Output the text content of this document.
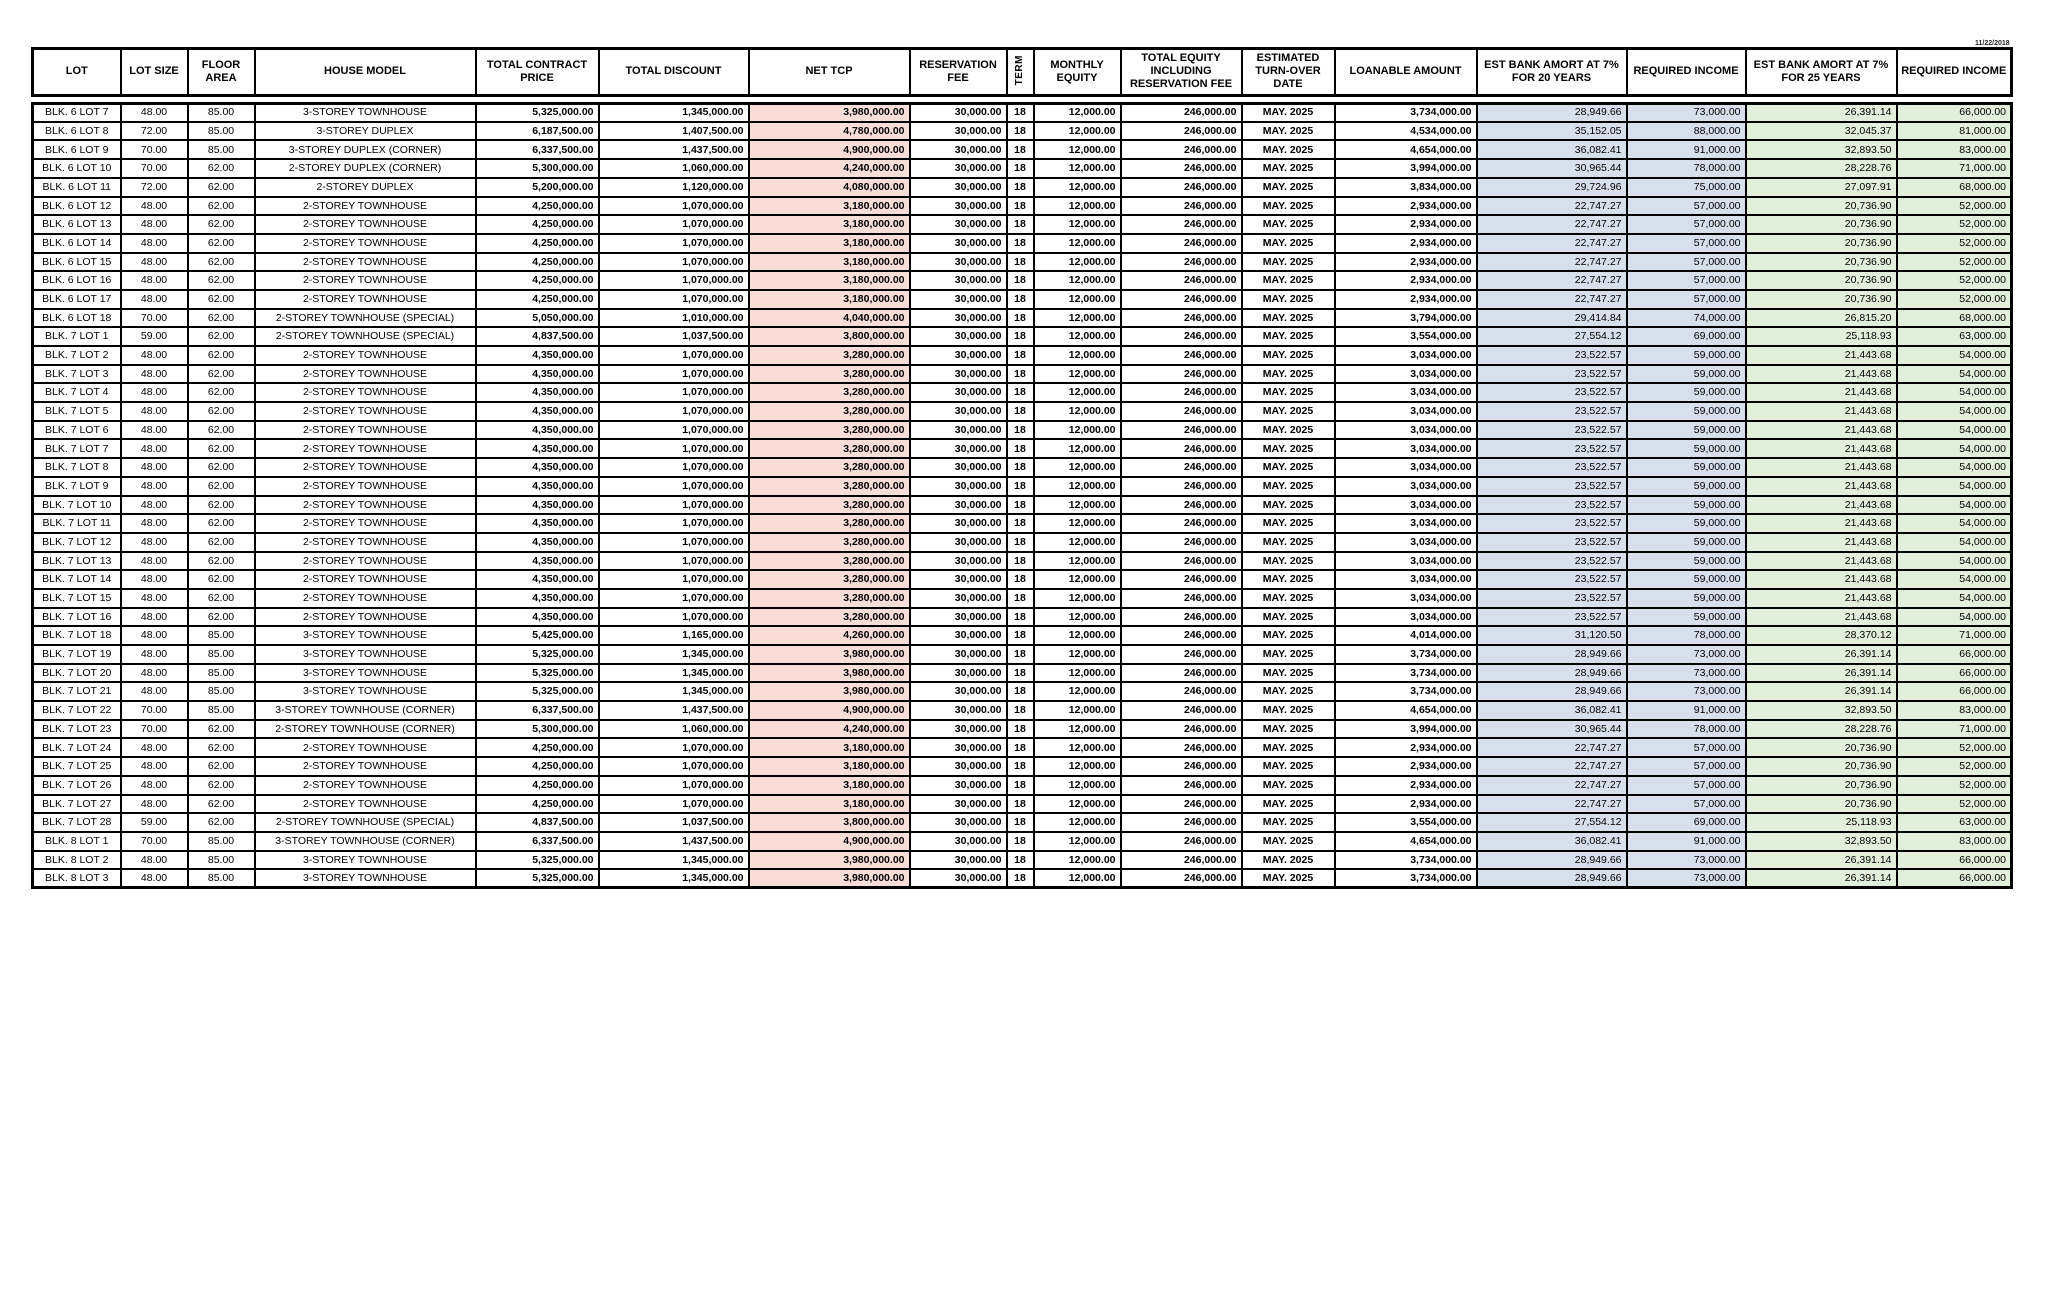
11/22/2018
LOT	LOT SIZE	FLOOR AREA	HOUSE MODEL	TOTAL CONTRACT PRICE	TOTAL DISCOUNT	NET TCP	RESERVATION FEE	TERM	MONTHLY EQUITY	TOTAL EQUITY INCLUDING RESERVATION FEE	ESTIMATED TURN-OVER DATE	LOANABLE AMOUNT	EST BANK AMORT AT 7% FOR 20 YEARS	REQUIRED INCOME	EST BANK AMORT AT 7% FOR 25 YEARS	REQUIRED INCOME
BLK. 6 LOT 7	48.00	85.00	3-STOREY TOWNHOUSE	5,325,000.00	1,345,000.00	3,980,000.00	30,000.00	18	12,000.00	246,000.00	MAY. 2025	3,734,000.00	28,949.66	73,000.00	26,391.14	66,000.00
BLK. 6 LOT 8	72.00	85.00	3-STOREY DUPLEX	6,187,500.00	1,407,500.00	4,780,000.00	30,000.00	18	12,000.00	246,000.00	MAY. 2025	4,534,000.00	35,152.05	88,000.00	32,045.37	81,000.00
BLK. 6 LOT 9	70.00	85.00	3-STOREY DUPLEX (CORNER)	6,337,500.00	1,437,500.00	4,900,000.00	30,000.00	18	12,000.00	246,000.00	MAY. 2025	4,654,000.00	36,082.41	91,000.00	32,893.50	83,000.00
BLK. 6 LOT 10	70.00	62.00	2-STOREY DUPLEX (CORNER)	5,300,000.00	1,060,000.00	4,240,000.00	30,000.00	18	12,000.00	246,000.00	MAY. 2025	3,994,000.00	30,965.44	78,000.00	28,228.76	71,000.00
BLK. 6 LOT 11	72.00	62.00	2-STOREY DUPLEX	5,200,000.00	1,120,000.00	4,080,000.00	30,000.00	18	12,000.00	246,000.00	MAY. 2025	3,834,000.00	29,724.96	75,000.00	27,097.91	68,000.00
BLK. 6 LOT 12	48.00	62.00	2-STOREY TOWNHOUSE	4,250,000.00	1,070,000.00	3,180,000.00	30,000.00	18	12,000.00	246,000.00	MAY. 2025	2,934,000.00	22,747.27	57,000.00	20,736.90	52,000.00
BLK. 6 LOT 13	48.00	62.00	2-STOREY TOWNHOUSE	4,250,000.00	1,070,000.00	3,180,000.00	30,000.00	18	12,000.00	246,000.00	MAY. 2025	2,934,000.00	22,747.27	57,000.00	20,736.90	52,000.00
BLK. 6 LOT 14	48.00	62.00	2-STOREY TOWNHOUSE	4,250,000.00	1,070,000.00	3,180,000.00	30,000.00	18	12,000.00	246,000.00	MAY. 2025	2,934,000.00	22,747.27	57,000.00	20,736.90	52,000.00
BLK. 6 LOT 15	48.00	62.00	2-STOREY TOWNHOUSE	4,250,000.00	1,070,000.00	3,180,000.00	30,000.00	18	12,000.00	246,000.00	MAY. 2025	2,934,000.00	22,747.27	57,000.00	20,736.90	52,000.00
BLK. 6 LOT 16	48.00	62.00	2-STOREY TOWNHOUSE	4,250,000.00	1,070,000.00	3,180,000.00	30,000.00	18	12,000.00	246,000.00	MAY. 2025	2,934,000.00	22,747.27	57,000.00	20,736.90	52,000.00
BLK. 6 LOT 17	48.00	62.00	2-STOREY TOWNHOUSE	4,250,000.00	1,070,000.00	3,180,000.00	30,000.00	18	12,000.00	246,000.00	MAY. 2025	2,934,000.00	22,747.27	57,000.00	20,736.90	52,000.00
BLK. 6 LOT 18	70.00	62.00	2-STOREY TOWNHOUSE (SPECIAL)	5,050,000.00	1,010,000.00	4,040,000.00	30,000.00	18	12,000.00	246,000.00	MAY. 2025	3,794,000.00	29,414.84	74,000.00	26,815.20	68,000.00
BLK. 7 LOT 1	59.00	62.00	2-STOREY TOWNHOUSE (SPECIAL)	4,837,500.00	1,037,500.00	3,800,000.00	30,000.00	18	12,000.00	246,000.00	MAY. 2025	3,554,000.00	27,554.12	69,000.00	25,118.93	63,000.00
BLK. 7 LOT 2	48.00	62.00	2-STOREY TOWNHOUSE	4,350,000.00	1,070,000.00	3,280,000.00	30,000.00	18	12,000.00	246,000.00	MAY. 2025	3,034,000.00	23,522.57	59,000.00	21,443.68	54,000.00
BLK. 7 LOT 3	48.00	62.00	2-STOREY TOWNHOUSE	4,350,000.00	1,070,000.00	3,280,000.00	30,000.00	18	12,000.00	246,000.00	MAY. 2025	3,034,000.00	23,522.57	59,000.00	21,443.68	54,000.00
BLK. 7 LOT 4	48.00	62.00	2-STOREY TOWNHOUSE	4,350,000.00	1,070,000.00	3,280,000.00	30,000.00	18	12,000.00	246,000.00	MAY. 2025	3,034,000.00	23,522.57	59,000.00	21,443.68	54,000.00
BLK. 7 LOT 5	48.00	62.00	2-STOREY TOWNHOUSE	4,350,000.00	1,070,000.00	3,280,000.00	30,000.00	18	12,000.00	246,000.00	MAY. 2025	3,034,000.00	23,522.57	59,000.00	21,443.68	54,000.00
BLK. 7 LOT 6	48.00	62.00	2-STOREY TOWNHOUSE	4,350,000.00	1,070,000.00	3,280,000.00	30,000.00	18	12,000.00	246,000.00	MAY. 2025	3,034,000.00	23,522.57	59,000.00	21,443.68	54,000.00
BLK. 7 LOT 7	48.00	62.00	2-STOREY TOWNHOUSE	4,350,000.00	1,070,000.00	3,280,000.00	30,000.00	18	12,000.00	246,000.00	MAY. 2025	3,034,000.00	23,522.57	59,000.00	21,443.68	54,000.00
BLK. 7 LOT 8	48.00	62.00	2-STOREY TOWNHOUSE	4,350,000.00	1,070,000.00	3,280,000.00	30,000.00	18	12,000.00	246,000.00	MAY. 2025	3,034,000.00	23,522.57	59,000.00	21,443.68	54,000.00
BLK. 7 LOT 9	48.00	62.00	2-STOREY TOWNHOUSE	4,350,000.00	1,070,000.00	3,280,000.00	30,000.00	18	12,000.00	246,000.00	MAY. 2025	3,034,000.00	23,522.57	59,000.00	21,443.68	54,000.00
BLK. 7 LOT 10	48.00	62.00	2-STOREY TOWNHOUSE	4,350,000.00	1,070,000.00	3,280,000.00	30,000.00	18	12,000.00	246,000.00	MAY. 2025	3,034,000.00	23,522.57	59,000.00	21,443.68	54,000.00
BLK. 7 LOT 11	48.00	62.00	2-STOREY TOWNHOUSE	4,350,000.00	1,070,000.00	3,280,000.00	30,000.00	18	12,000.00	246,000.00	MAY. 2025	3,034,000.00	23,522.57	59,000.00	21,443.68	54,000.00
BLK. 7 LOT 12	48.00	62.00	2-STOREY TOWNHOUSE	4,350,000.00	1,070,000.00	3,280,000.00	30,000.00	18	12,000.00	246,000.00	MAY. 2025	3,034,000.00	23,522.57	59,000.00	21,443.68	54,000.00
BLK. 7 LOT 13	48.00	62.00	2-STOREY TOWNHOUSE	4,350,000.00	1,070,000.00	3,280,000.00	30,000.00	18	12,000.00	246,000.00	MAY. 2025	3,034,000.00	23,522.57	59,000.00	21,443.68	54,000.00
BLK. 7 LOT 14	48.00	62.00	2-STOREY TOWNHOUSE	4,350,000.00	1,070,000.00	3,280,000.00	30,000.00	18	12,000.00	246,000.00	MAY. 2025	3,034,000.00	23,522.57	59,000.00	21,443.68	54,000.00
BLK. 7 LOT 15	48.00	62.00	2-STOREY TOWNHOUSE	4,350,000.00	1,070,000.00	3,280,000.00	30,000.00	18	12,000.00	246,000.00	MAY. 2025	3,034,000.00	23,522.57	59,000.00	21,443.68	54,000.00
BLK. 7 LOT 16	48.00	62.00	2-STOREY TOWNHOUSE	4,350,000.00	1,070,000.00	3,280,000.00	30,000.00	18	12,000.00	246,000.00	MAY. 2025	3,034,000.00	23,522.57	59,000.00	21,443.68	54,000.00
BLK. 7 LOT 18	48.00	85.00	3-STOREY TOWNHOUSE	5,425,000.00	1,165,000.00	4,260,000.00	30,000.00	18	12,000.00	246,000.00	MAY. 2025	4,014,000.00	31,120.50	78,000.00	28,370.12	71,000.00
BLK. 7 LOT 19	48.00	85.00	3-STOREY TOWNHOUSE	5,325,000.00	1,345,000.00	3,980,000.00	30,000.00	18	12,000.00	246,000.00	MAY. 2025	3,734,000.00	28,949.66	73,000.00	26,391.14	66,000.00
BLK. 7 LOT 20	48.00	85.00	3-STOREY TOWNHOUSE	5,325,000.00	1,345,000.00	3,980,000.00	30,000.00	18	12,000.00	246,000.00	MAY. 2025	3,734,000.00	28,949.66	73,000.00	26,391.14	66,000.00
BLK. 7 LOT 21	48.00	85.00	3-STOREY TOWNHOUSE	5,325,000.00	1,345,000.00	3,980,000.00	30,000.00	18	12,000.00	246,000.00	MAY. 2025	3,734,000.00	28,949.66	73,000.00	26,391.14	66,000.00
BLK. 7 LOT 22	70.00	85.00	3-STOREY TOWNHOUSE (CORNER)	6,337,500.00	1,437,500.00	4,900,000.00	30,000.00	18	12,000.00	246,000.00	MAY. 2025	4,654,000.00	36,082.41	91,000.00	32,893.50	83,000.00
BLK. 7 LOT 23	70.00	62.00	2-STOREY TOWNHOUSE (CORNER)	5,300,000.00	1,060,000.00	4,240,000.00	30,000.00	18	12,000.00	246,000.00	MAY. 2025	3,994,000.00	30,965.44	78,000.00	28,228.76	71,000.00
BLK. 7 LOT 24	48.00	62.00	2-STOREY TOWNHOUSE	4,250,000.00	1,070,000.00	3,180,000.00	30,000.00	18	12,000.00	246,000.00	MAY. 2025	2,934,000.00	22,747.27	57,000.00	20,736.90	52,000.00
BLK. 7 LOT 25	48.00	62.00	2-STOREY TOWNHOUSE	4,250,000.00	1,070,000.00	3,180,000.00	30,000.00	18	12,000.00	246,000.00	MAY. 2025	2,934,000.00	22,747.27	57,000.00	20,736.90	52,000.00
BLK. 7 LOT 26	48.00	62.00	2-STOREY TOWNHOUSE	4,250,000.00	1,070,000.00	3,180,000.00	30,000.00	18	12,000.00	246,000.00	MAY. 2025	2,934,000.00	22,747.27	57,000.00	20,736.90	52,000.00
BLK. 7 LOT 27	48.00	62.00	2-STOREY TOWNHOUSE	4,250,000.00	1,070,000.00	3,180,000.00	30,000.00	18	12,000.00	246,000.00	MAY. 2025	2,934,000.00	22,747.27	57,000.00	20,736.90	52,000.00
BLK. 7 LOT 28	59.00	62.00	2-STOREY TOWNHOUSE (SPECIAL)	4,837,500.00	1,037,500.00	3,800,000.00	30,000.00	18	12,000.00	246,000.00	MAY. 2025	3,554,000.00	27,554.12	69,000.00	25,118.93	63,000.00
BLK. 8 LOT 1	70.00	85.00	3-STOREY TOWNHOUSE (CORNER)	6,337,500.00	1,437,500.00	4,900,000.00	30,000.00	18	12,000.00	246,000.00	MAY. 2025	4,654,000.00	36,082.41	91,000.00	32,893.50	83,000.00
BLK. 8 LOT 2	48.00	85.00	3-STOREY TOWNHOUSE	5,325,000.00	1,345,000.00	3,980,000.00	30,000.00	18	12,000.00	246,000.00	MAY. 2025	3,734,000.00	28,949.66	73,000.00	26,391.14	66,000.00
BLK. 8 LOT 3	48.00	85.00	3-STOREY TOWNHOUSE	5,325,000.00	1,345,000.00	3,980,000.00	30,000.00	18	12,000.00	246,000.00	MAY. 2025	3,734,000.00	28,949.66	73,000.00	26,391.14	66,000.00
